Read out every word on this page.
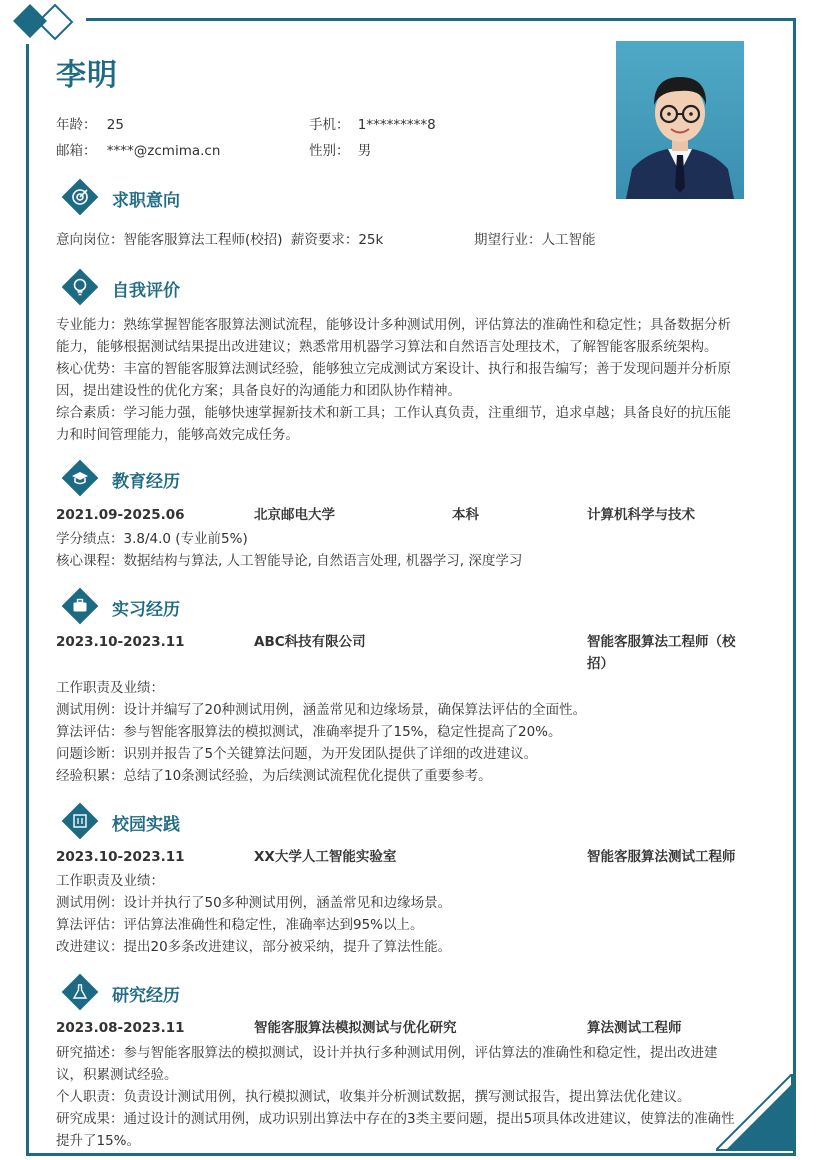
李明
年龄： 25	手机： 1*********8
邮箱： ****@zcmima.cn	性别： 男
求职意向
意向岗位：智能客服算法工程师(校招) 薪资要求：25k	期望行业：人工智能
自我评价
专业能力：熟练掌握智能客服算法测试流程，能够设计多种测试用例，评估算法的准确性和稳定性；具备数据分析
能力，能够根据测试结果提出改进建议；熟悉常用机器学习算法和自然语言处理技术，了解智能客服系统架构。
核心优势：丰富的智能客服算法测试经验，能够独立完成测试方案设计、执行和报告编写；善于发现问题并分析原
因，提出建设性的优化方案；具备良好的沟通能力和团队协作精神。
综合素质：学习能力强，能够快速掌握新技术和新工具；工作认真负责，注重细节，追求卓越；具备良好的抗压能
力和时间管理能力，能够高效完成任务。
教育经历
2021.09-2025.06	北京邮电大学	本科	计算机科学与技术
学分绩点：3.8/4.0 (专业前5%)
核心课程：数据结构与算法, 人工智能导论, 自然语言处理, 机器学习, 深度学习
实习经历
2023.10-2023.11	ABC科技有限公司	智能客服算法工程师（校
招）
工作职责及业绩：
测试用例：设计并编写了20种测试用例，涵盖常见和边缘场景，确保算法评估的全面性。
算法评估：参与智能客服算法的模拟测试，准确率提升了15%，稳定性提高了20%。
问题诊断：识别并报告了5个关键算法问题，为开发团队提供了详细的改进建议。
经验积累：总结了10条测试经验，为后续测试流程优化提供了重要参考。
校园实践
2023.10-2023.11	XX大学人工智能实验室	智能客服算法测试工程师
工作职责及业绩：
测试用例：设计并执行了50多种测试用例，涵盖常见和边缘场景。
算法评估：评估算法准确性和稳定性，准确率达到95%以上。
改进建议：提出20多条改进建议，部分被采纳，提升了算法性能。
研究经历
2023.08-2023.11	智能客服算法模拟测试与优化研究	算法测试工程师
研究描述：参与智能客服算法的模拟测试，设计并执行多种测试用例，评估算法的准确性和稳定性，提出改进建
议，积累测试经验。
个人职责：负责设计测试用例，执行模拟测试，收集并分析测试数据，撰写测试报告，提出算法优化建议。
研究成果：通过设计的测试用例，成功识别出算法中存在的3类主要问题，提出5项具体改进建议，使算法的准确性
提升了15%。
